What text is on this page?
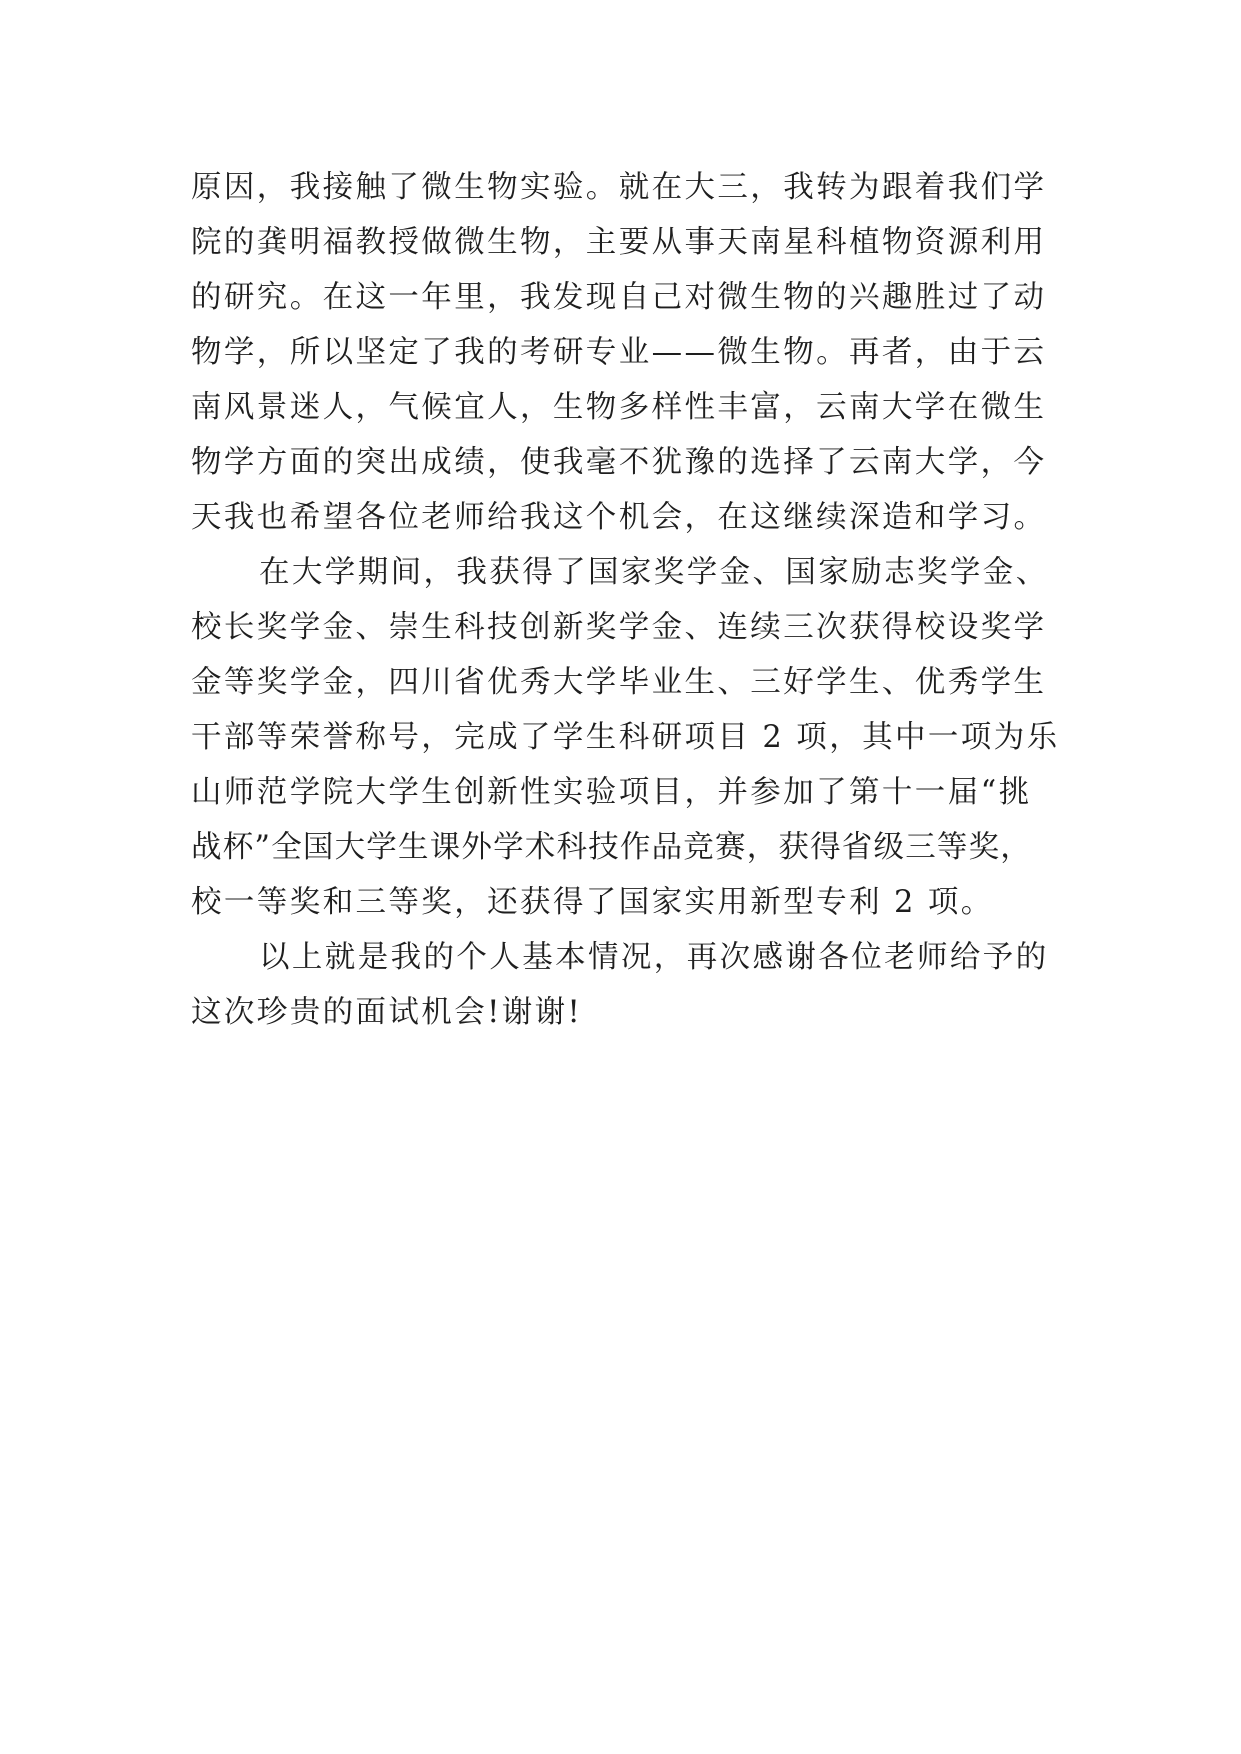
原因，我接触了微生物实验。就在大三，我转为跟着我们学
院的龚明福教授做微生物，主要从事天南星科植物资源利用
的研究。在这一年里，我发现自己对微生物的兴趣胜过了动
物学，所以坚定了我的考研专业——微生物。再者，由于云
南风景迷人，气候宜人，生物多样性丰富，云南大学在微生
物学方面的突出成绩，使我毫不犹豫的选择了云南大学，今
天我也希望各位老师给我这个机会，在这继续深造和学习。
在大学期间，我获得了国家奖学金、国家励志奖学金、
校长奖学金、崇生科技创新奖学金、连续三次获得校设奖学
金等奖学金，四川省优秀大学毕业生、三好学生、优秀学生
干部等荣誉称号，完成了学生科研项目 2 项，其中一项为乐
山师范学院大学生创新性实验项目，并参加了第十一届“挑
战杯”全国大学生课外学术科技作品竞赛，获得省级三等奖，
校一等奖和三等奖，还获得了国家实用新型专利 2 项。
以上就是我的个人基本情况，再次感谢各位老师给予的
这次珍贵的面试机会!谢谢!
